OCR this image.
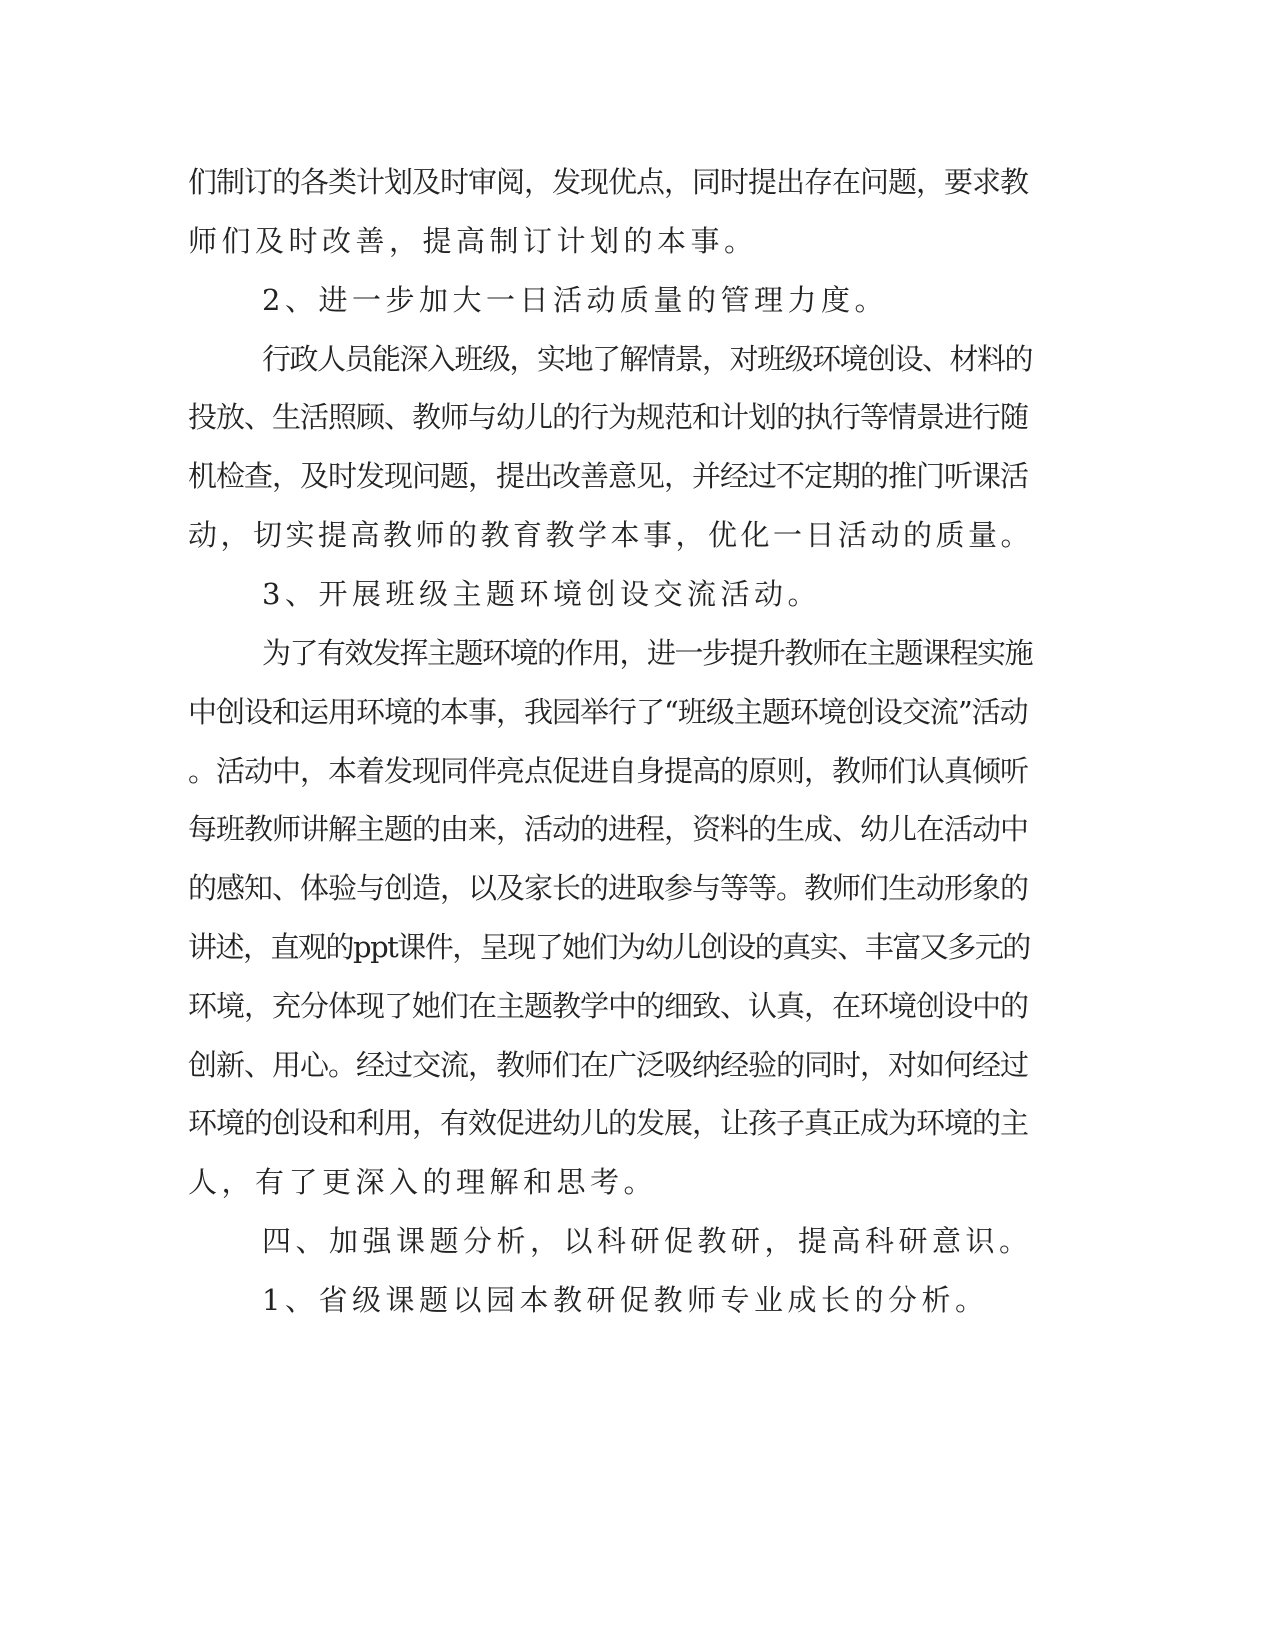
们制订的各类计划及时审阅，发现优点，同时提出存在问题，要求教
师们及时改善，提高制订计划的本事。
2、进一步加大一日活动质量的管理力度。
行政人员能深入班级，实地了解情景，对班级环境创设、材料的
投放、生活照顾、教师与幼儿的行为规范和计划的执行等情景进行随
机检查，及时发现问题，提出改善意见，并经过不定期的推门听课活
动，切实提高教师的教育教学本事，优化一日活动的质量。
3、开展班级主题环境创设交流活动。
为了有效发挥主题环境的作用，进一步提升教师在主题课程实施
中创设和运用环境的本事，我园举行了“班级主题环境创设交流”活动
。活动中，本着发现同伴亮点促进自身提高的原则，教师们认真倾听
每班教师讲解主题的由来，活动的进程，资料的生成、幼儿在活动中
的感知、体验与创造，以及家长的进取参与等等。教师们生动形象的
讲述，直观的ppt课件，呈现了她们为幼儿创设的真实、丰富又多元的
环境，充分体现了她们在主题教学中的细致、认真，在环境创设中的
创新、用心。经过交流，教师们在广泛吸纳经验的同时，对如何经过
环境的创设和利用，有效促进幼儿的发展，让孩子真正成为环境的主
人，有了更深入的理解和思考。
四、加强课题分析，以科研促教研，提高科研意识。
1、省级课题以园本教研促教师专业成长的分析。
